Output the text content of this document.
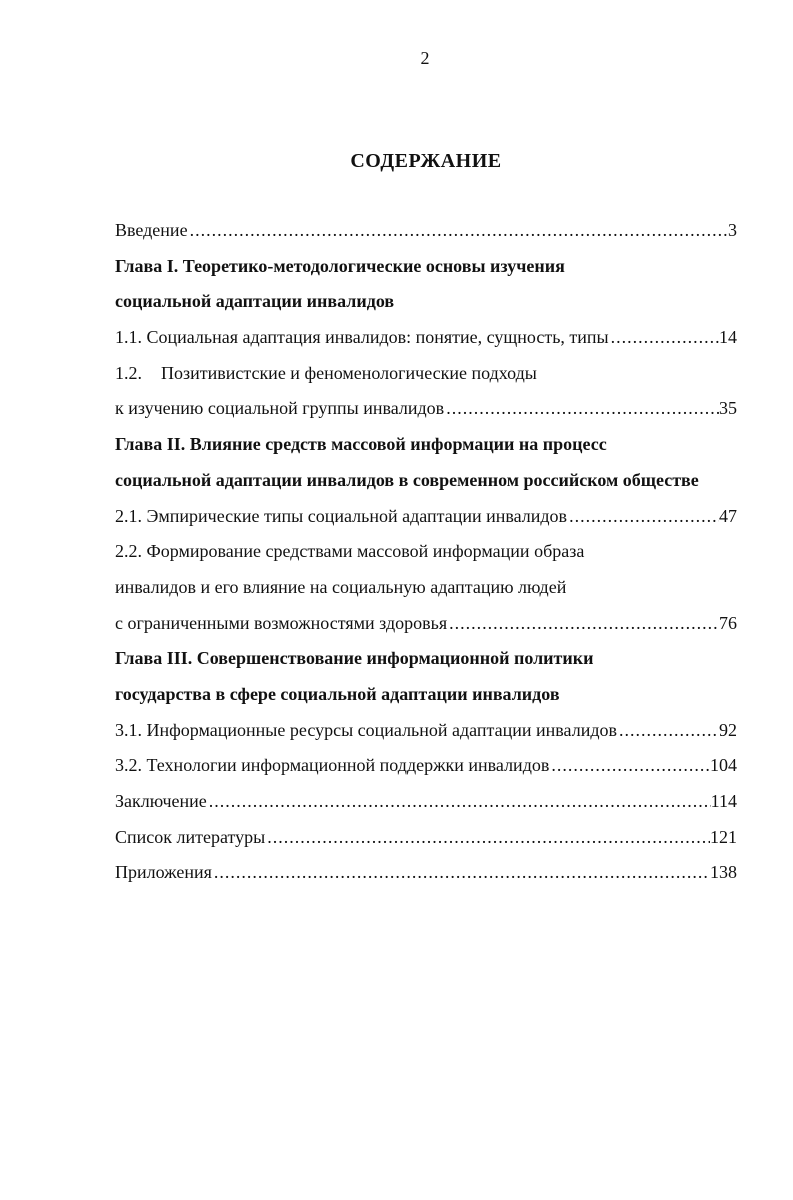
2
СОДЕРЖАНИЕ
Введение .....	3
Глава I. Теоретико-методологические основы изучения
социальной адаптации инвалидов
1.1. Социальная адаптация инвалидов: понятие, сущность, типы .....	14
1.2. Позитивистские и феноменологические подходы
к изучению социальной группы инвалидов .....	35
Глава II. Влияние средств массовой информации на процесс
социальной адаптации инвалидов в современном российском обществе
2.1. Эмпирические типы социальной адаптации инвалидов .....	47
2.2. Формирование средствами массовой информации образа
инвалидов и его влияние на социальную адаптацию людей
с ограниченными возможностями здоровья .....	76
Глава III. Совершенствование информационной политики
государства в сфере социальной адаптации инвалидов
3.1. Информационные ресурсы социальной адаптации инвалидов .....	92
3.2. Технологии информационной поддержки инвалидов .....	104
Заключение .....	114
Список литературы .....	121
Приложения .....	138
